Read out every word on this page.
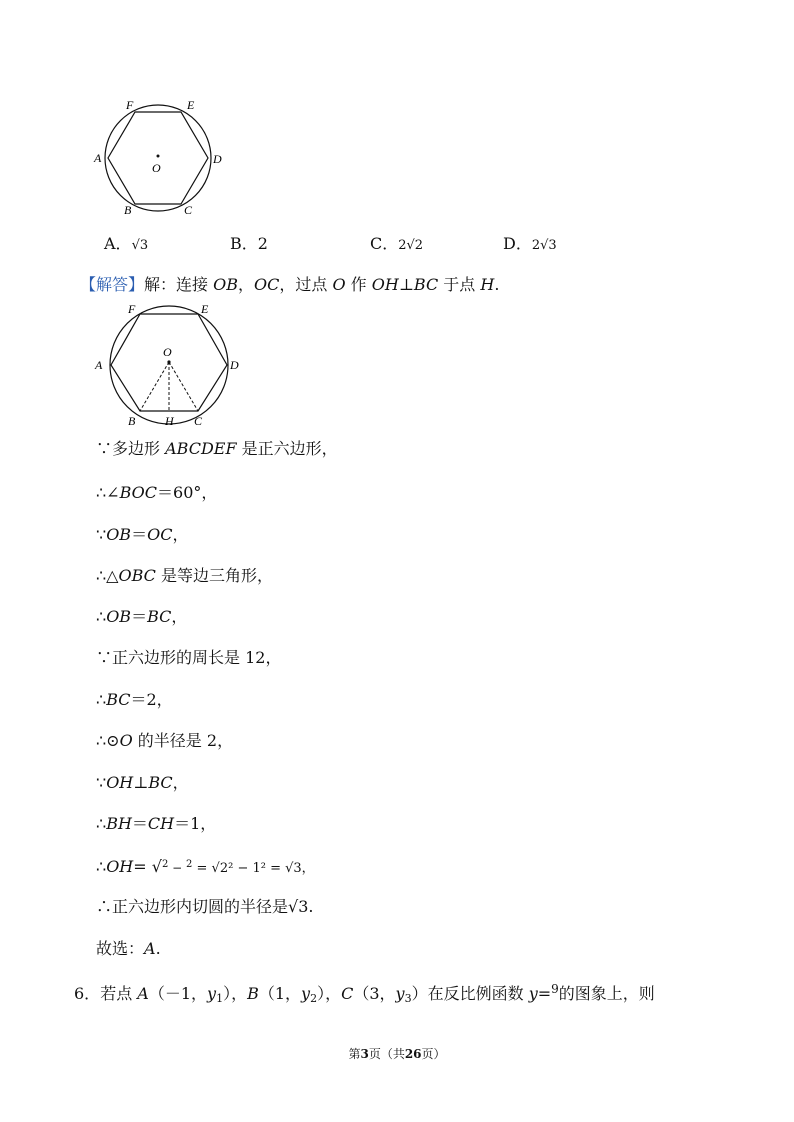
F	E
A	D
O
B	C
A．√3	B．2	C．2√2	D．2√3
【解答】解：连接 OB，OC，过点 O 作 OH⊥BC 于点 H.
F	E
A	D
O
B H C
∵多边形 ABCDEF 是正六边形，
∴∠BOC＝60°，
∵OB＝OC，
∴△OBC 是等边三角形，
∴OB＝BC，
∵正六边形的周长是 12，
∴BC＝2，
∴⊙O 的半径是 2，
∵OH⊥BC，
∴BH＝CH＝1，
∴OH= √$^2$ − $^2$ = √2² − 1² = √3，
∴正六边形内切圆的半径是√3.
故选：A.
6．若点 A（－1，$y_1$），B（1，$y_2$），C（3，$y_3$）在反比例函数 y=9的图象上，则
第3页（共26页）
